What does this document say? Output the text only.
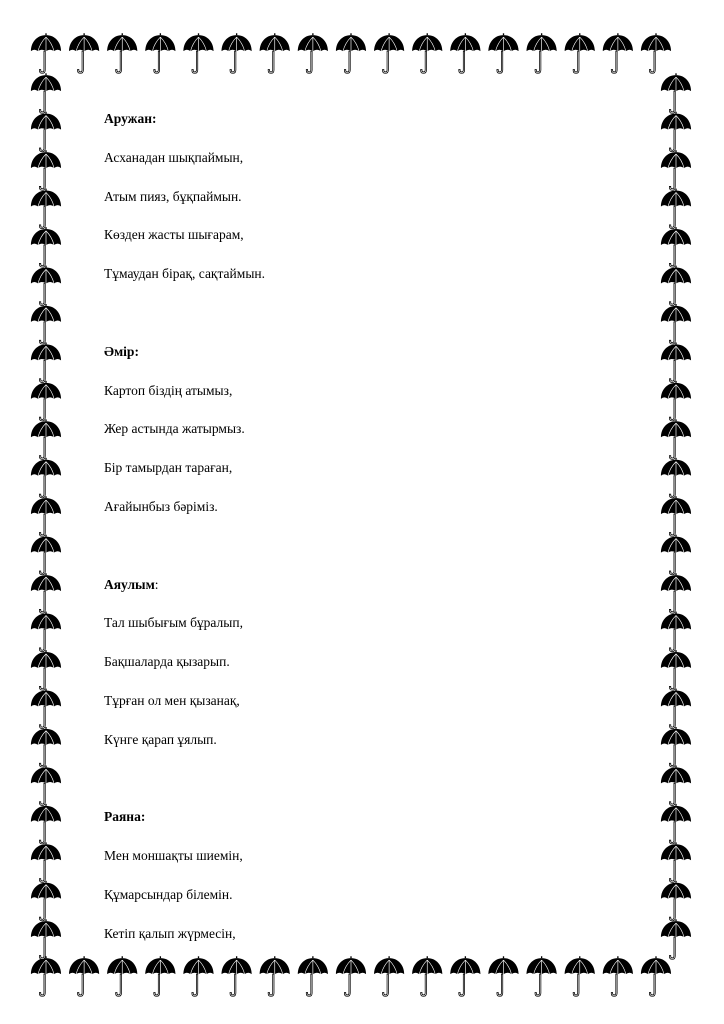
Аружан:

Асханадан шықпаймын,

Атым пияз, бұқпаймын.

Көзден жасты шығарам,

Тұмаудан бірақ, сақтаймын.

Әмір:

Картоп біздің атымыз,

Жер астында жатырмыз.

Бір тамырдан тараған,

Ағайынбыз бәріміз.

Аяулым:

Тал шыбығым бұралып,

Бақшаларда қызарып.

Тұрған ол мен қызанақ,

Күнге қарап ұялып.

Раяна:

Мен моншақты шиемін,

Құмарсындар білемін.

Кетіп қалып жүрмесін,
